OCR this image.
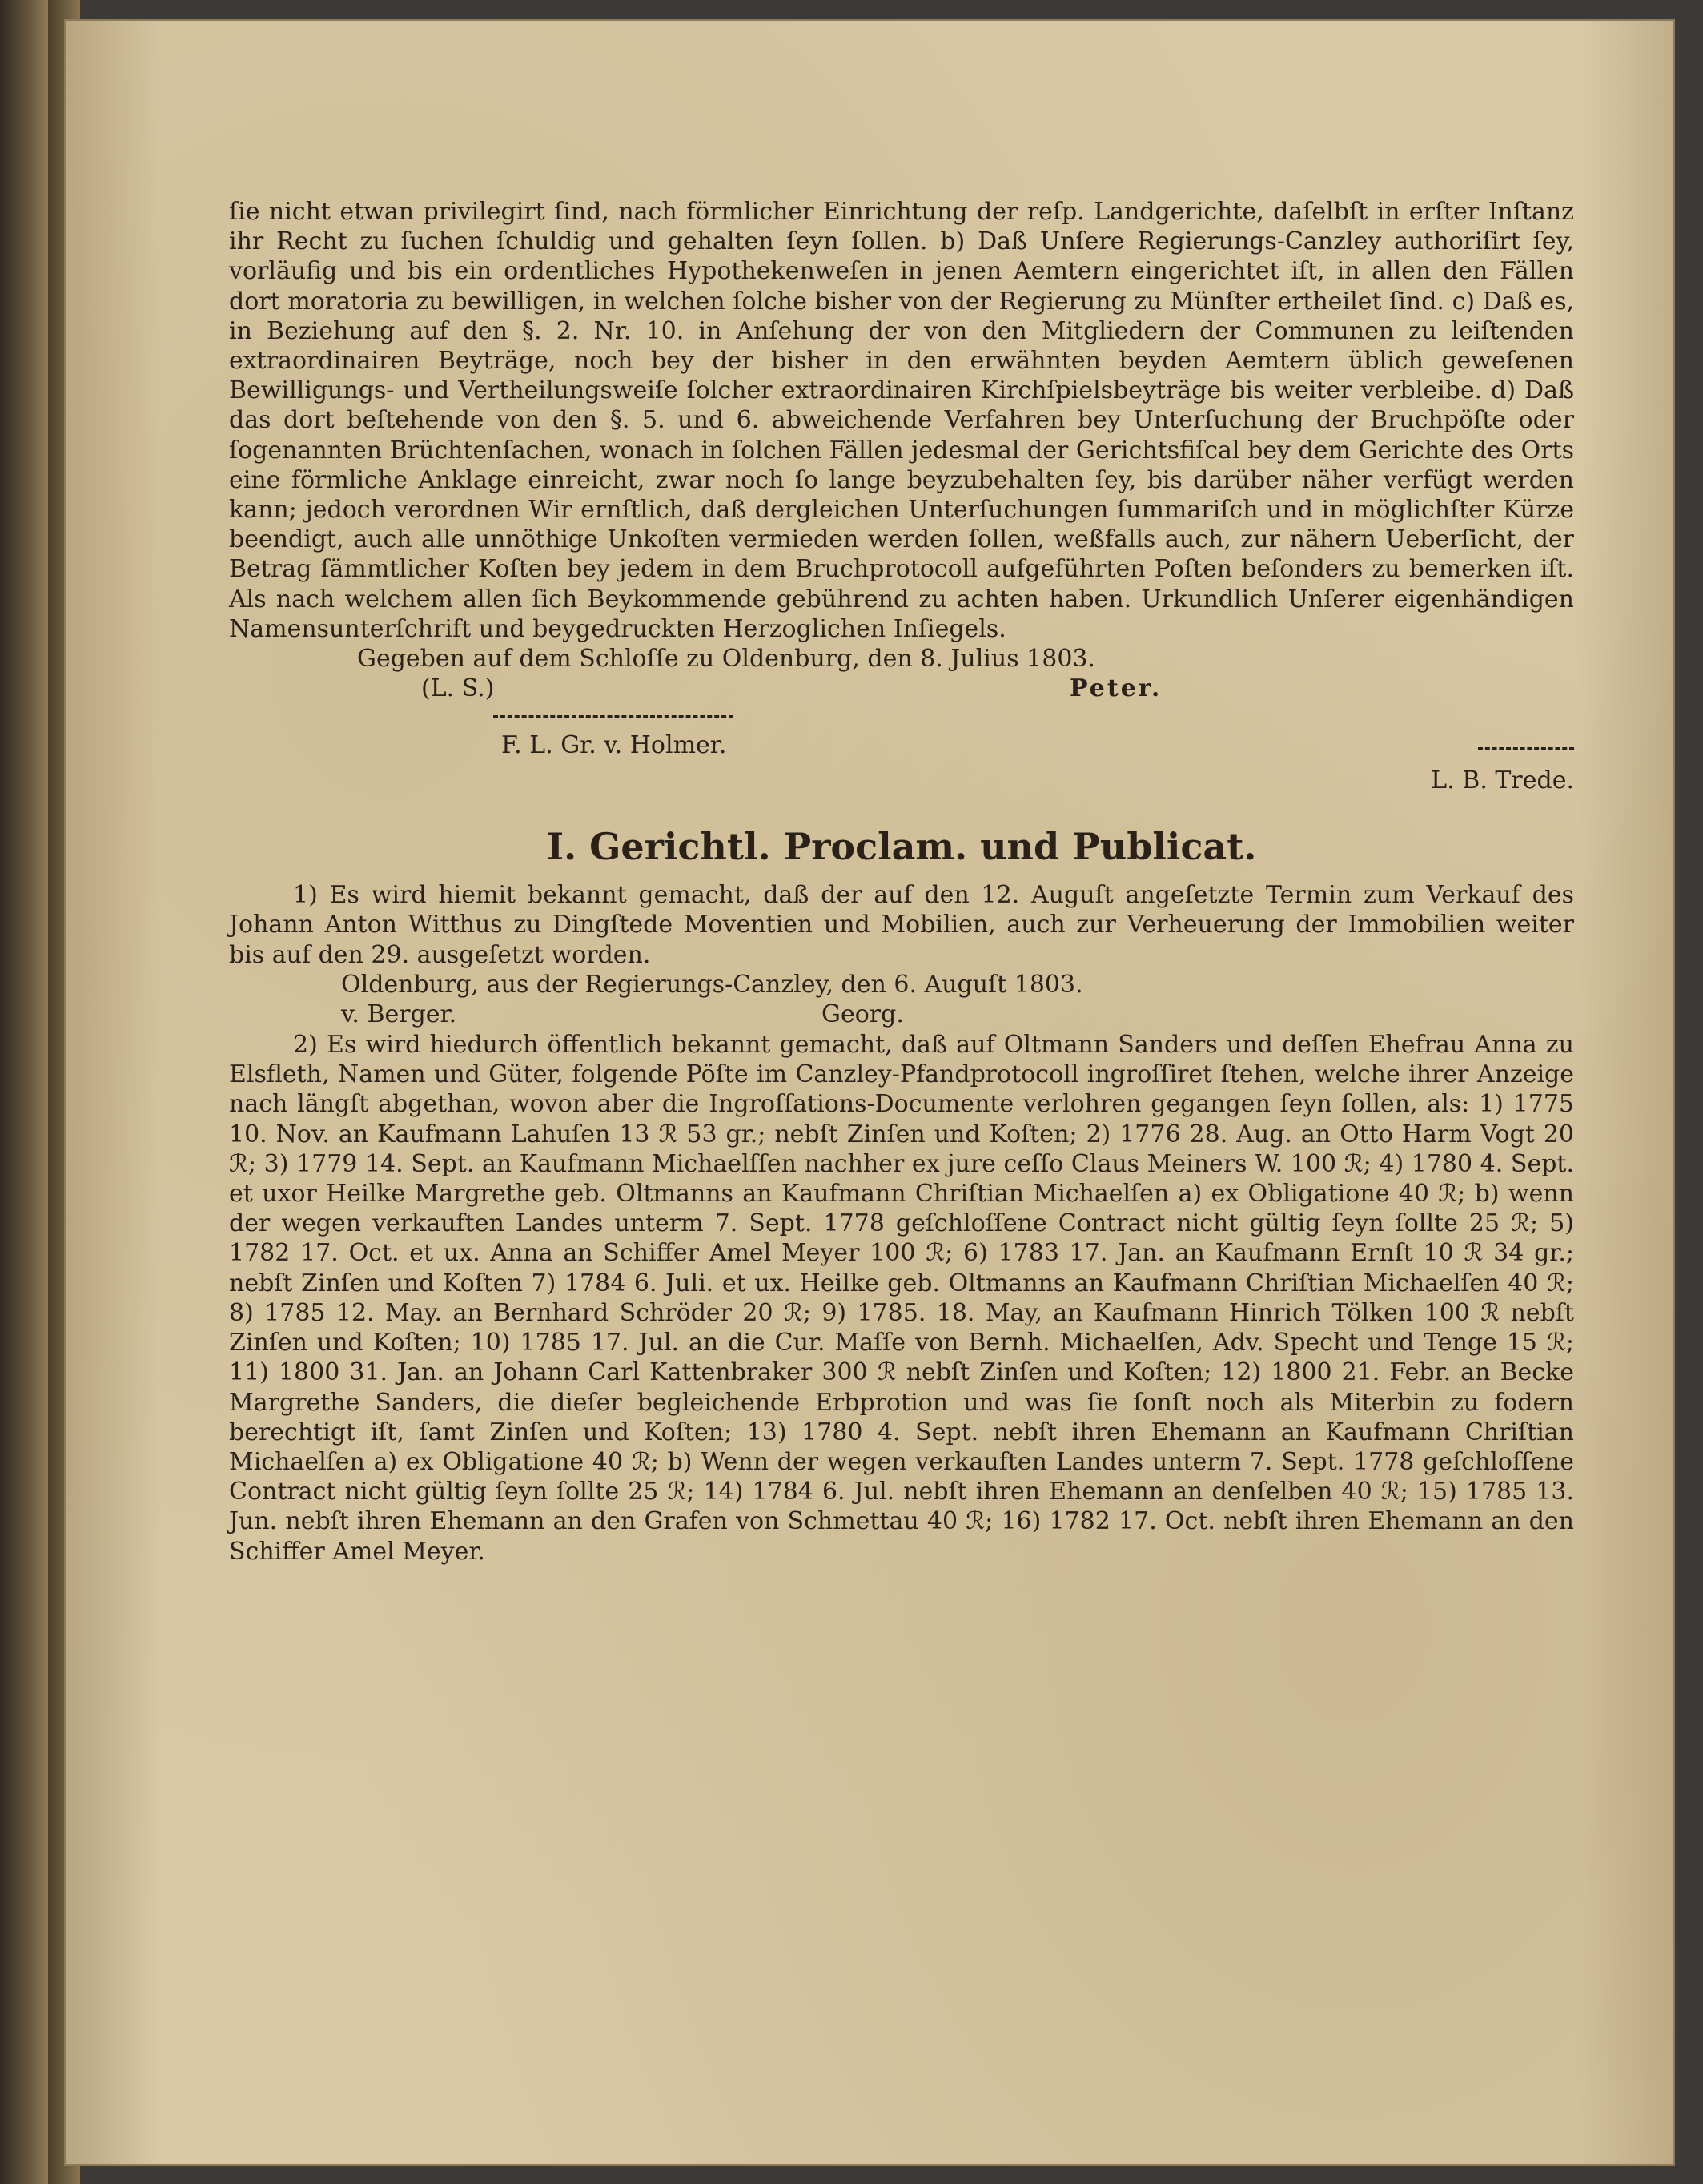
ſie nicht etwan privilegirt ſind, nach förmlicher Einrichtung der reſp. Landgerichte, daſelbſt in erſter Inſtanz ihr Recht zu ſuchen ſchuldig und gehalten ſeyn ſollen. b) Daß Unſere Regierungs-Canzley authoriſirt ſey, vorläufig und bis ein ordentliches Hypothekenweſen in jenen Aemtern eingerichtet iſt, in allen den Fällen dort moratoria zu bewilligen, in welchen ſolche bisher von der Regierung zu Münſter ertheilet ſind. c) Daß es, in Beziehung auf den §. 2. Nr. 10. in Anſehung der von den Mitgliedern der Communen zu leiſtenden extraordinairen Beyträge, noch bey der bisher in den erwähnten beyden Aemtern üblich geweſenen Bewilligungs- und Vertheilungsweiſe ſolcher extraordinairen Kirchſpielsbeyträge bis weiter verbleibe. d) Daß das dort beſtehende von den §. 5. und 6. abweichende Verfahren bey Unterſuchung der Bruchpöſte oder ſogenannten Brüchtenſachen, wonach in ſolchen Fällen jedesmal der Gerichtsfiſcal bey dem Gerichte des Orts eine förmliche Anklage einreicht, zwar noch ſo lange beyzubehalten ſey, bis darüber näher verfügt werden kann; jedoch verordnen Wir ernſtlich, daß dergleichen Unterſuchungen ſummariſch und in möglichſter Kürze beendigt, auch alle unnöthige Unkoſten vermieden werden ſollen, weßfalls auch, zur nähern Ueberſicht, der Betrag ſämmtlicher Koſten bey jedem in dem Bruchprotocoll aufgeführten Poſten beſonders zu bemerken iſt. Als nach welchem allen ſich Beykommende gebührend zu achten haben. Urkundlich Unſerer eigenhändigen Namensunterſchrift und beygedruckten Herzoglichen Inſiegels.

Gegeben auf dem Schloſſe zu Oldenburg, den 8. Julius 1803.

(L. S.)	Peter.
F. L. Gr. v. Holmer.
L. B. Trede.
I. Gerichtl. Proclam. und Publicat.

1) Es wird hiemit bekannt gemacht, daß der auf den 12. Auguſt angeſetzte Termin zum Verkauf des Johann Anton Witthus zu Dingſtede Moventien und Mobilien, auch zur Verheuerung der Immobilien weiter bis auf den 29. ausgeſetzt worden.

Oldenburg, aus der Regierungs-Canzley, den 6. Auguſt 1803.

v. Berger.	Georg.

2) Es wird hiedurch öffentlich bekannt gemacht, daß auf Oltmann Sanders und deſſen Ehefrau Anna zu Elsfleth, Namen und Güter, folgende Pöſte im Canzley-Pfandprotocoll ingroſſiret ſtehen, welche ihrer Anzeige nach längſt abgethan, wovon aber die Ingroſſations-Documente verlohren gegangen ſeyn ſollen, als: 1) 1775 10. Nov. an Kaufmann Lahuſen 13 ℛ 53 gr.; nebſt Zinſen und Koſten; 2) 1776 28. Aug. an Otto Harm Vogt 20 ℛ; 3) 1779 14. Sept. an Kaufmann Michaelſſen nachher ex jure ceſſo Claus Meiners W. 100 ℛ; 4) 1780 4. Sept. et uxor Heilke Margrethe geb. Oltmanns an Kaufmann Chriſtian Michaelſen a) ex Obligatione 40 ℛ; b) wenn der wegen verkauften Landes unterm 7. Sept. 1778 geſchloſſene Contract nicht gültig ſeyn ſollte 25 ℛ; 5) 1782 17. Oct. et ux. Anna an Schiffer Amel Meyer 100 ℛ; 6) 1783 17. Jan. an Kaufmann Ernſt 10 ℛ 34 gr.; nebſt Zinſen und Koſten 7) 1784 6. Juli. et ux. Heilke geb. Oltmanns an Kaufmann Chriſtian Michaelſen 40 ℛ; 8) 1785 12. May. an Bernhard Schröder 20 ℛ; 9) 1785. 18. May, an Kaufmann Hinrich Tölken 100 ℛ nebſt Zinſen und Koſten; 10) 1785 17. Jul. an die Cur. Maſſe von Bernh. Michaelſen, Adv. Specht und Tenge 15 ℛ; 11) 1800 31. Jan. an Johann Carl Kattenbraker 300 ℛ nebſt Zinſen und Koſten; 12) 1800 21. Febr. an Becke Margrethe Sanders, die dieſer begleichende Erbprotion und was ſie ſonſt noch als Miterbin zu fodern berechtigt iſt, ſamt Zinſen und Koſten; 13) 1780 4. Sept. nebſt ihren Ehemann an Kaufmann Chriſtian Michaelſen a) ex Obligatione 40 ℛ; b) Wenn der wegen verkauften Landes unterm 7. Sept. 1778 geſchloſſene Contract nicht gültig ſeyn ſollte 25 ℛ; 14) 1784 6. Jul. nebſt ihren Ehemann an denſelben 40 ℛ; 15) 1785 13. Jun. nebſt ihren Ehemann an den Grafen von Schmettau 40 ℛ; 16) 1782 17. Oct. nebſt ihren Ehemann an den Schiffer Amel Meyer.
